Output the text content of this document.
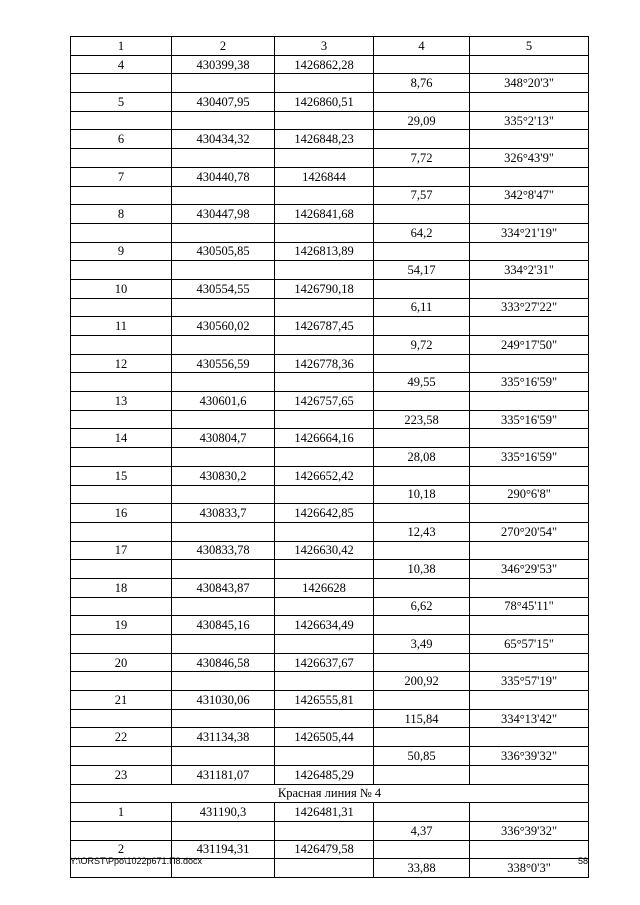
1	2	3	4	5
4	430399,38	1426862,28		
			8,76	348°20'3"
5	430407,95	1426860,51		
			29,09	335°2'13"
6	430434,32	1426848,23		
			7,72	326°43'9"
7	430440,78	1426844		
			7,57	342°8'47"
8	430447,98	1426841,68		
			64,2	334°21'19"
9	430505,85	1426813,89		
			54,17	334°2'31"
10	430554,55	1426790,18		
			6,11	333°27'22"
11	430560,02	1426787,45		
			9,72	249°17'50"
12	430556,59	1426778,36		
			49,55	335°16'59"
13	430601,6	1426757,65		
			223,58	335°16'59"
14	430804,7	1426664,16		
			28,08	335°16'59"
15	430830,2	1426652,42		
			10,18	290°6'8"
16	430833,7	1426642,85		
			12,43	270°20'54"
17	430833,78	1426630,42		
			10,38	346°29'53"
18	430843,87	1426628		
			6,62	78°45'11"
19	430845,16	1426634,49		
			3,49	65°57'15"
20	430846,58	1426637,67		
			200,92	335°57'19"
21	431030,06	1426555,81		
			115,84	334°13'42"
22	431134,38	1426505,44		
			50,85	336°39'32"
23	431181,07	1426485,29		
Красная линия № 4				
1	431190,3	1426481,31		
			4,37	336°39'32"
2	431194,31	1426479,58		
			33,88	338°0'3"
Y:\ORST\Ppo\1022p671.П8.docx	58
